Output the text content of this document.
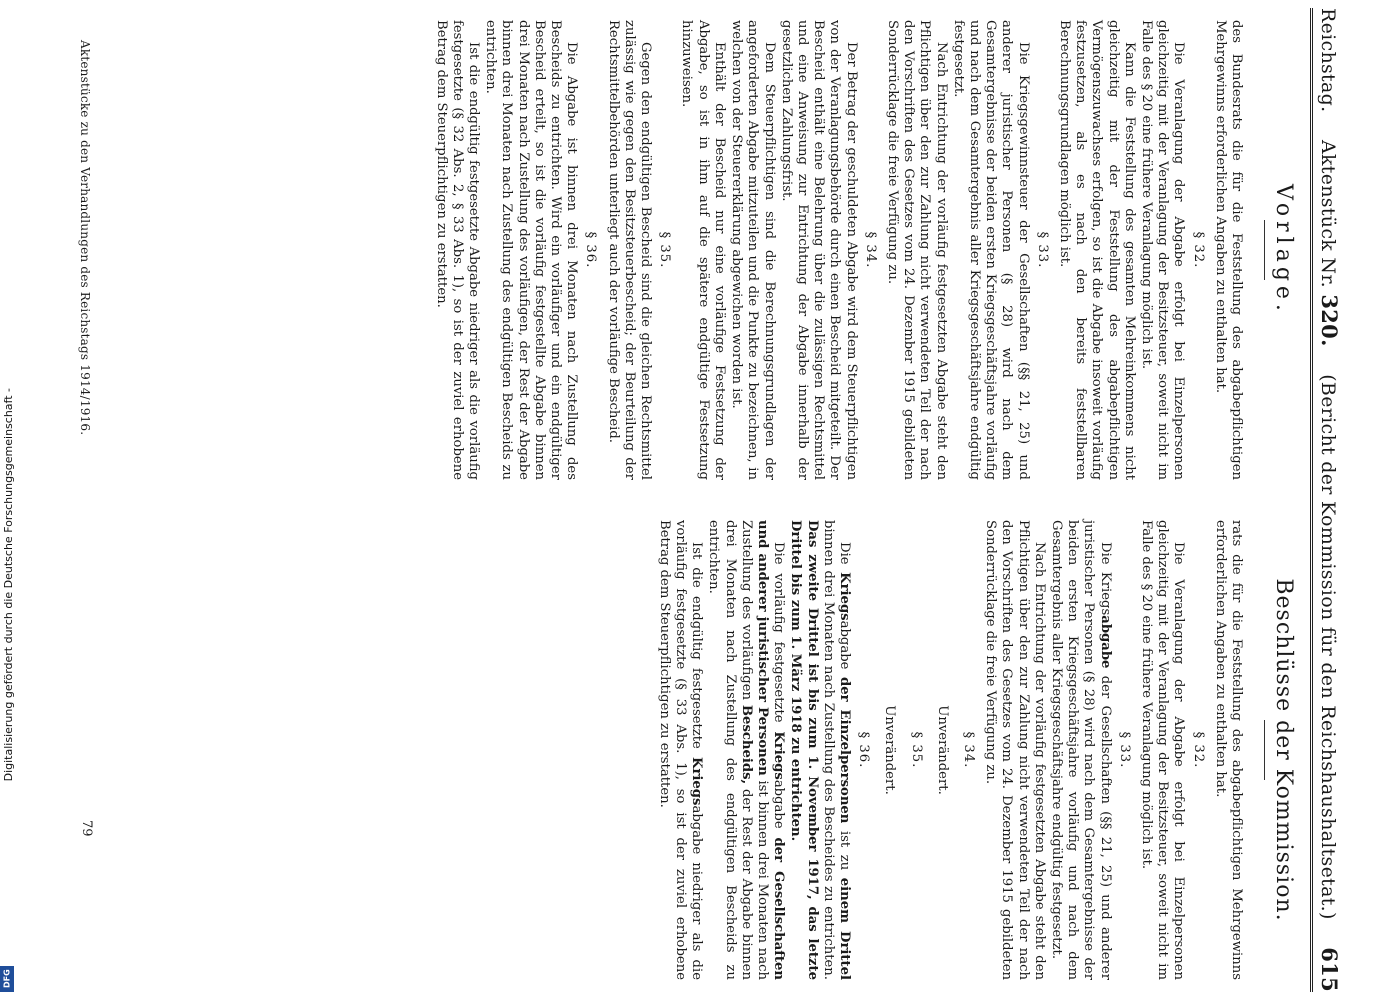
Reichstag.
Aktenstück Nr. 320.
(Bericht der Kommission für den Reichshaushaltsetat.)
615
Vorlage.
Beschlüsse der Kommission.

des Bundesrats die für die Feststellung des abgabepflichtigen Mehrgewinns erforderlichen Angaben zu enthalten hat.

§ 32.

Die Veranlagung der Abgabe erfolgt bei Einzelpersonen gleichzeitig mit der Veranlagung der Besitzsteuer, soweit nicht im Falle des § 20 eine frühere Veranlagung möglich ist.

Kann die Feststellung des gesamten Mehreinkommens nicht gleichzeitig mit der Feststellung des abgabepflichtigen Vermögenszuwachses erfolgen, so ist die Abgabe insoweit vorläufig festzusetzen, als es nach den bereits feststellbaren Berechnungsgrundlagen möglich ist.

§ 33.

Die Kriegsgewinnsteuer der Gesellschaften (§§ 21, 25) und anderer juristischer Personen (§ 28) wird nach dem Gesamtergebnisse der beiden ersten Kriegsgeschäftsjahre vorläufig und nach dem Gesamtergebnis aller Kriegsgeschäftsjahre endgültig festgesetzt.

Nach Entrichtung der vorläufig festgesetzten Abgabe steht den Pflichtigen über den zur Zahlung nicht verwendeten Teil der nach den Vorschriften des Gesetzes vom 24. Dezember 1915 gebildeten Sonderrücklage die freie Verfügung zu.

§ 34.

Der Betrag der geschuldeten Abgabe wird dem Steuerpflichtigen von der Veranlagungsbehörde durch einen Bescheid mitgeteilt. Der Bescheid enthält eine Belehrung über die zulässigen Rechtsmittel und eine Anweisung zur Entrichtung der Abgabe innerhalb der gesetzlichen Zahlungsfrist.

Dem Steuerpflichtigen sind die Berechnungsgrundlagen der angeforderten Abgabe mitzuteilen und die Punkte zu bezeichnen, in welchen von der Steuererklärung abgewichen worden ist.

Enthält der Bescheid nur eine vorläufige Festsetzung der Abgabe, so ist in ihm auf die spätere endgültige Festsetzung hinzuweisen.

§ 35.

Gegen den endgültigen Bescheid sind die gleichen Rechtsmittel zulässig wie gegen den Besitzsteuerbescheid; der Beurteilung der Rechtsmittelbehörden unterliegt auch der vorläufige Bescheid.

§ 36.

Die Abgabe ist binnen drei Monaten nach Zustellung des Bescheids zu entrichten. Wird ein vorläufiger und ein endgültiger Bescheid erteilt, so ist die vorläufig festgestellte Abgabe binnen drei Monaten nach Zustellung des vorläufigen, der Rest der Abgabe binnen drei Monaten nach Zustellung des endgültigen Bescheids zu entrichten.

Ist die endgültig festgesetzte Abgabe niedriger als die vorläufig festgesetzte (§ 32 Abs. 2, § 33 Abs. 1), so ist der zuviel erhobene Betrag dem Steuerpflichtigen zu erstatten.

rats die für die Feststellung des abgabepflichtigen Mehrgewinns erforderlichen Angaben zu enthalten hat.

§ 32.

Die Veranlagung der Abgabe erfolgt bei Einzelpersonen gleichzeitig mit der Veranlagung der Besitzsteuer, soweit nicht im Falle des § 20 eine frühere Veranlagung möglich ist.

§ 33.

Die Kriegsabgabe der Gesellschaften (§§ 21, 25) und anderer juristischer Personen (§ 28) wird nach dem Gesamtergebnisse der beiden ersten Kriegsgeschäftsjahre vorläufig und nach dem Gesamtergebnis aller Kriegsgeschäftsjahre endgültig festgesetzt.

Nach Entrichtung der vorläufig festgesetzten Abgabe steht den Pflichtigen über den zur Zahlung nicht verwendeten Teil der nach den Vorschriften des Gesetzes vom 24. Dezember 1915 gebildeten Sonderrücklage die freie Verfügung zu.

§ 34.
Unverändert.
§ 35.
Unverändert.
§ 36.

Die Kriegsabgabe der Einzelpersonen ist zu einem Drittel binnen drei Monaten nach Zustellung des Bescheides zu entrichten. Das zweite Drittel ist bis zum 1. November 1917, das letzte Drittel bis zum 1. März 1918 zu entrichten.

Die vorläufig festgesetzte Kriegsabgabe der Gesellschaften und anderer juristischer Personen ist binnen drei Monaten nach Zustellung des vorläufigen Bescheids, der Rest der Abgabe binnen drei Monaten nach Zustellung des endgültigen Bescheids zu entrichten.

Ist die endgültig festgesetzte Kriegsabgabe niedriger als die vorläufig festgesetzte (§ 33 Abs. 1), so ist der zuviel erhobene Betrag dem Steuerpflichtigen zu erstatten.

Aktenstücke zu den Verhandlungen des Reichstags 1914/1916.
79
Digitalisierung gefördert durch die Deutsche Forschungsgemeinschaft -
DFG
